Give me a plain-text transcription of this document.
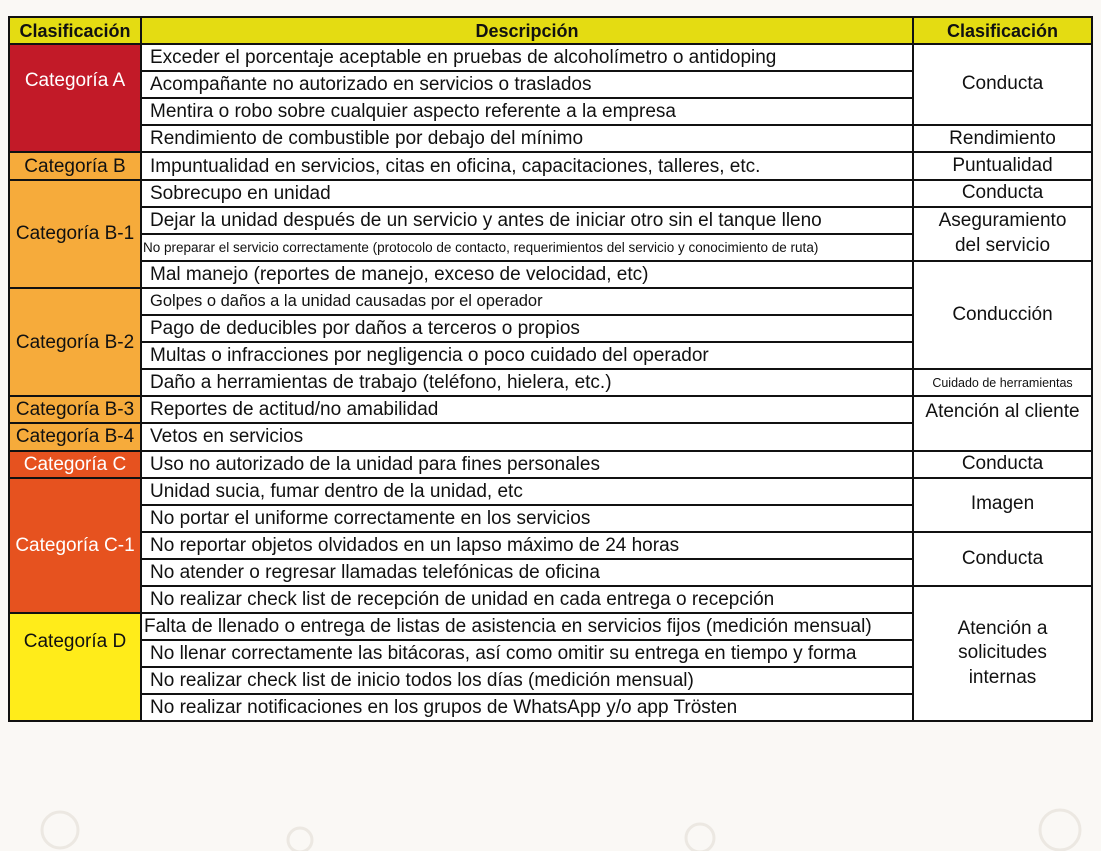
Clasificación	Descripción	Clasificación

Categoría A	Exceder el porcentaje aceptable en pruebas de alcoholímetro o antidoping	Conducta
	Acompañante no autorizado en servicios o traslados	
	Mentira o robo sobre cualquier aspecto referente a la empresa	
	Rendimiento de combustible por debajo del mínimo	Rendimiento

Categoría B	Impuntualidad en servicios, citas en oficina, capacitaciones, talleres, etc.	Puntualidad

Categoría B-1	Sobrecupo en unidad	Conducta
	Dejar la unidad después de un servicio y antes de iniciar otro sin el tanque lleno	Aseguramiento
del servicio

	No preparar el servicio correctamente (protocolo de contacto, requerimientos del servicio y conocimiento de ruta)	
	Mal manejo (reportes de manejo, exceso de velocidad, etc)	Conducción

Categoría B-2	Golpes o daños a la unidad causadas por el operador	
	Pago de deducibles por daños a terceros o propios	
	Multas o infracciones por negligencia o poco cuidado del operador	
	Daño a herramientas de trabajo (teléfono, hielera, etc.)	Cuidado de herramientas

Categoría B-3	Reportes de actitud/no amabilidad	Atención al cliente

Categoría B-4	Vetos en servicios	

Categoría C	Uso no autorizado de la unidad para fines personales	Conducta

Categoría C-1	Unidad sucia, fumar dentro de la unidad, etc	Imagen
	No portar el uniforme correctamente en los servicios	
	No reportar objetos olvidados en un lapso máximo de 24 horas	Conducta
	No atender o regresar llamadas telefónicas de oficina	
	No realizar check list de recepción de unidad en cada entrega o recepción	Atención a
solicitudes
internas

Categoría D	Falta de llenado o entrega de listas de asistencia en servicios fijos (medición mensual)	
	No llenar correctamente las bitácoras, así como omitir su entrega en tiempo y forma	
	No realizar check list de inicio todos los días (medición mensual)	
	No realizar notificaciones en los grupos de WhatsApp y/o app Trösten	
